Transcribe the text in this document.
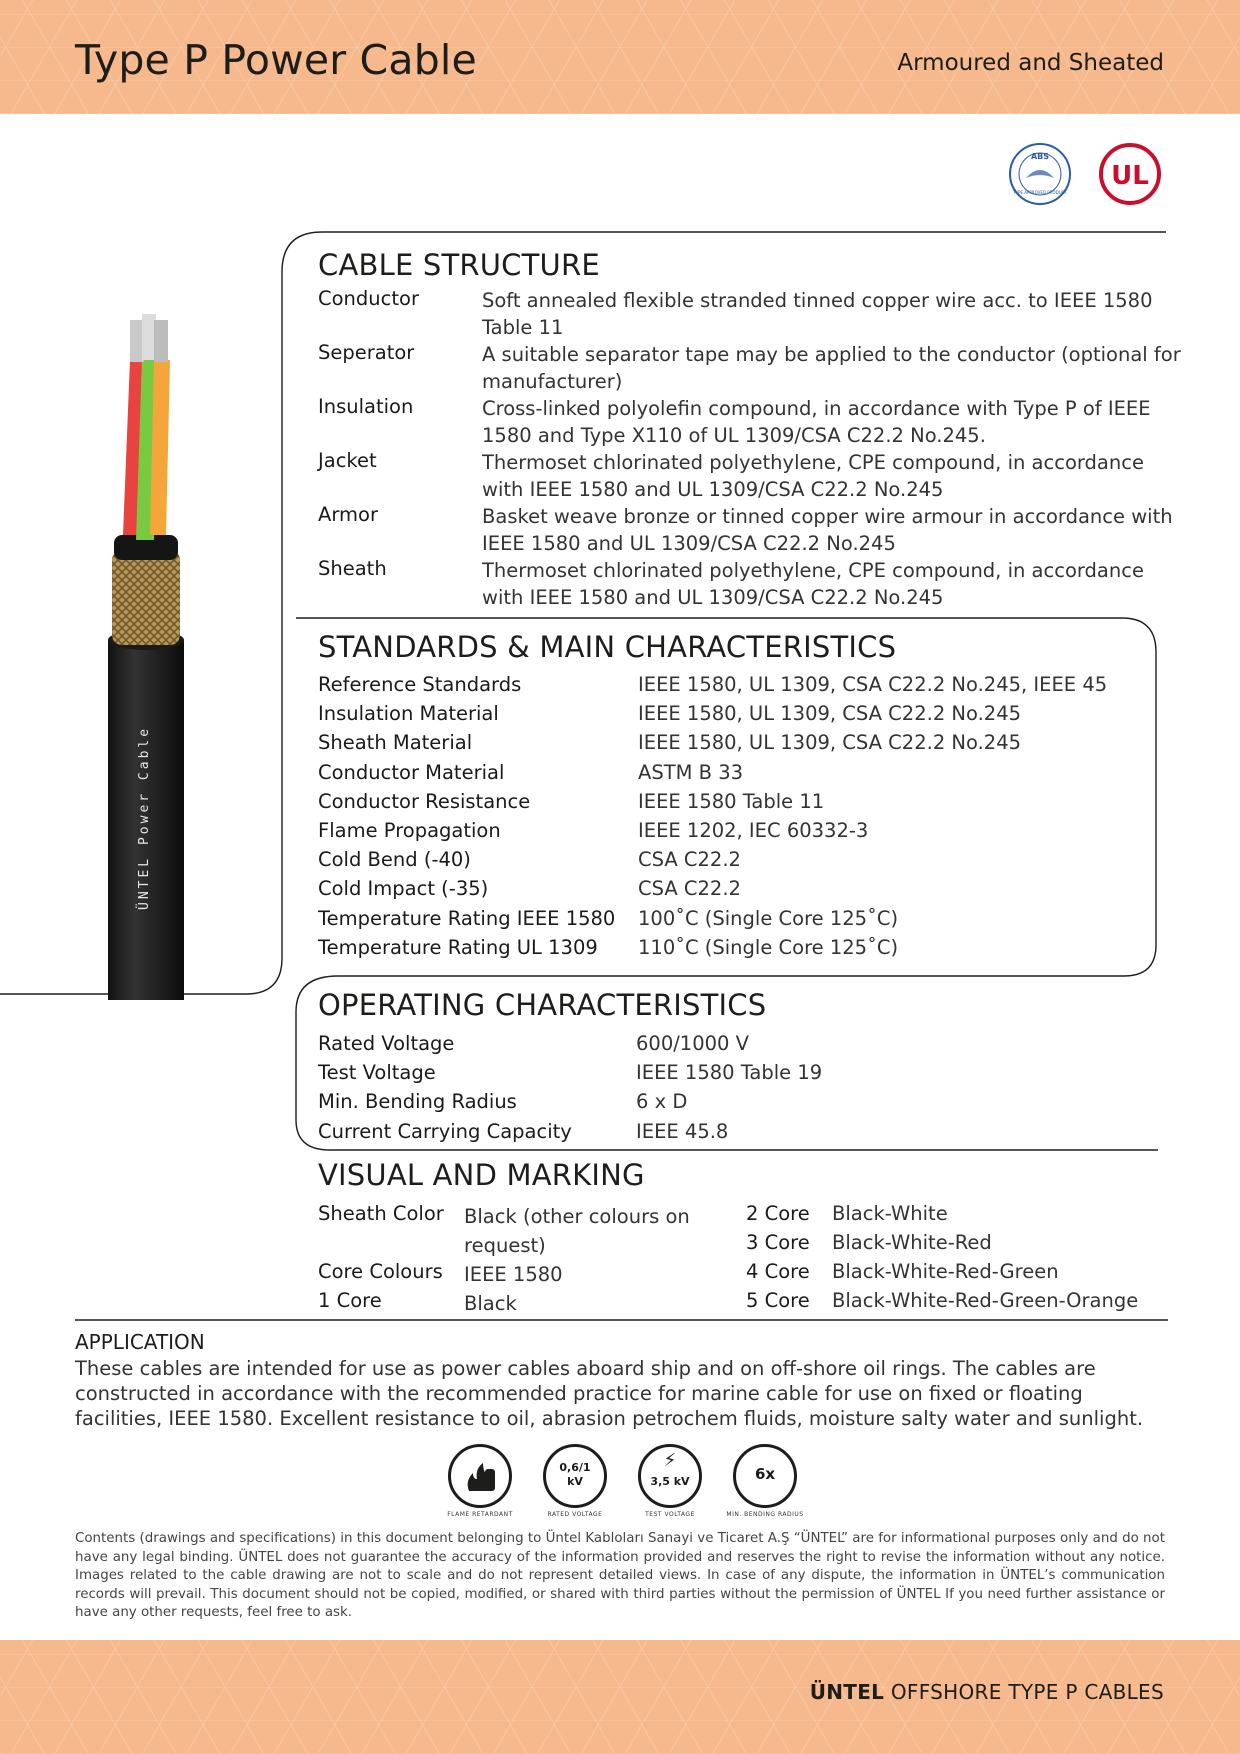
Type P Power Cable	Armoured and Sheated
ABS
TYPE APPROVED PRODUCT
UL
ÜNTEL Power Cable
CABLE STRUCTURE
Conductor	Soft annealed flexible stranded tinned copper wire acc. to IEEE 1580 Table 11
Seperator	A suitable separator tape may be applied to the conductor (optional for manufacturer)
Insulation	Cross-linked polyolefin compound, in accordance with Type P of IEEE 1580 and Type X110 of UL 1309/CSA C22.2 No.245.
Jacket	Thermoset chlorinated polyethylene, CPE compound, in accordance with IEEE 1580 and UL 1309/CSA C22.2 No.245
Armor	Basket weave bronze or tinned copper wire armour in accordance with IEEE 1580 and UL 1309/CSA C22.2 No.245
Sheath	Thermoset chlorinated polyethylene, CPE compound, in accordance with IEEE 1580 and UL 1309/CSA C22.2 No.245
STANDARDS & MAIN CHARACTERISTICS
Reference Standards	IEEE 1580, UL 1309, CSA C22.2 No.245, IEEE 45
Insulation Material	IEEE 1580, UL 1309, CSA C22.2 No.245
Sheath Material	IEEE 1580, UL 1309, CSA C22.2 No.245
Conductor Material	ASTM B 33
Conductor Resistance	IEEE 1580 Table 11
Flame Propagation	IEEE 1202, IEC 60332-3
Cold Bend (-40)	CSA C22.2
Cold Impact (-35)	CSA C22.2
Temperature Rating IEEE 1580 100˚C (Single Core 125˚C)
Temperature Rating UL 1309 110˚C (Single Core 125˚C)
OPERATING CHARACTERISTICS
Rated Voltage	600/1000 V
Test Voltage	IEEE 1580 Table 19
Min. Bending Radius	6 x D
Current Carrying Capacity	IEEE 45.8
VISUAL AND MARKING
Sheath Color Black (other colours on request)
Core Colours IEEE 1580
1 Core	Black
2 Core Black-White
3 Core Black-White-Red
4 Core Black-White-Red-Green
5 Core Black-White-Red-Green-Orange
APPLICATION
These cables are intended for use as power cables aboard ship and on off-shore oil rings. The cables are constructed in accordance with the recommended practice for marine cable for use on fixed or floating facilities, IEEE 1580. Excellent resistance to oil, abrasion petrochem fluids, moisture salty water and sunlight.
FLAME RETARDANT
0,6/1 kV
RATED VOLTAGE
⚡
3,5 kV
TEST VOLTAGE
6x
MIN. BENDING RADIUS
Contents (drawings and specifications) in this document belonging to Üntel Kabloları Sanayi ve Ticaret A.Ş “ÜNTEL” are for informational purposes only and do not have any legal binding. ÜNTEL does not guarantee the accuracy of the information provided and reserves the right to revise the information without any notice. Images related to the cable drawing are not to scale and do not represent detailed views. In case of any dispute, the information in ÜNTEL’s communication records will prevail. This document should not be copied, modified, or shared with third parties without the permission of ÜNTEL If you need further assistance or have any other requests, feel free to ask.
ÜNTEL OFFSHORE TYPE P CABLES
